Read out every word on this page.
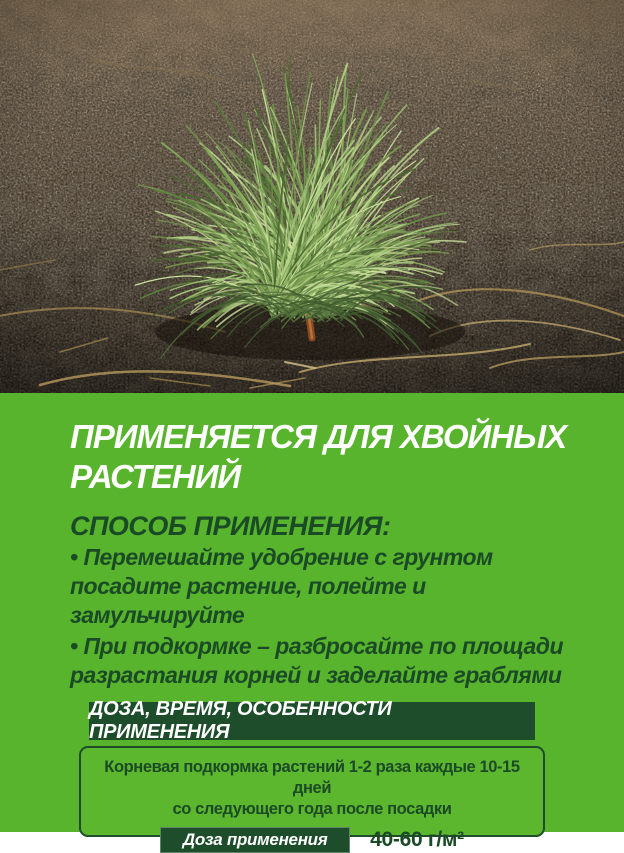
ПРИМЕНЯЕТСЯ ДЛЯ ХВОЙНЫХ
РАСТЕНИЙ
СПОСОБ ПРИМЕНЕНИЯ:

• Перемешайте удобрение с грунтом посадите растение, полейте и замульчируйте

• При подкормке – разбросайте по площади разрастания корней и заделайте граблями

ДОЗА, ВРЕМЯ, ОСОБЕННОСТИ ПРИМЕНЕНИЯ

Корневая подкормка растений 1-2 раза каждые 10-15 дней
со следующего года после посадки

Доза применения	40-60 г/м²
